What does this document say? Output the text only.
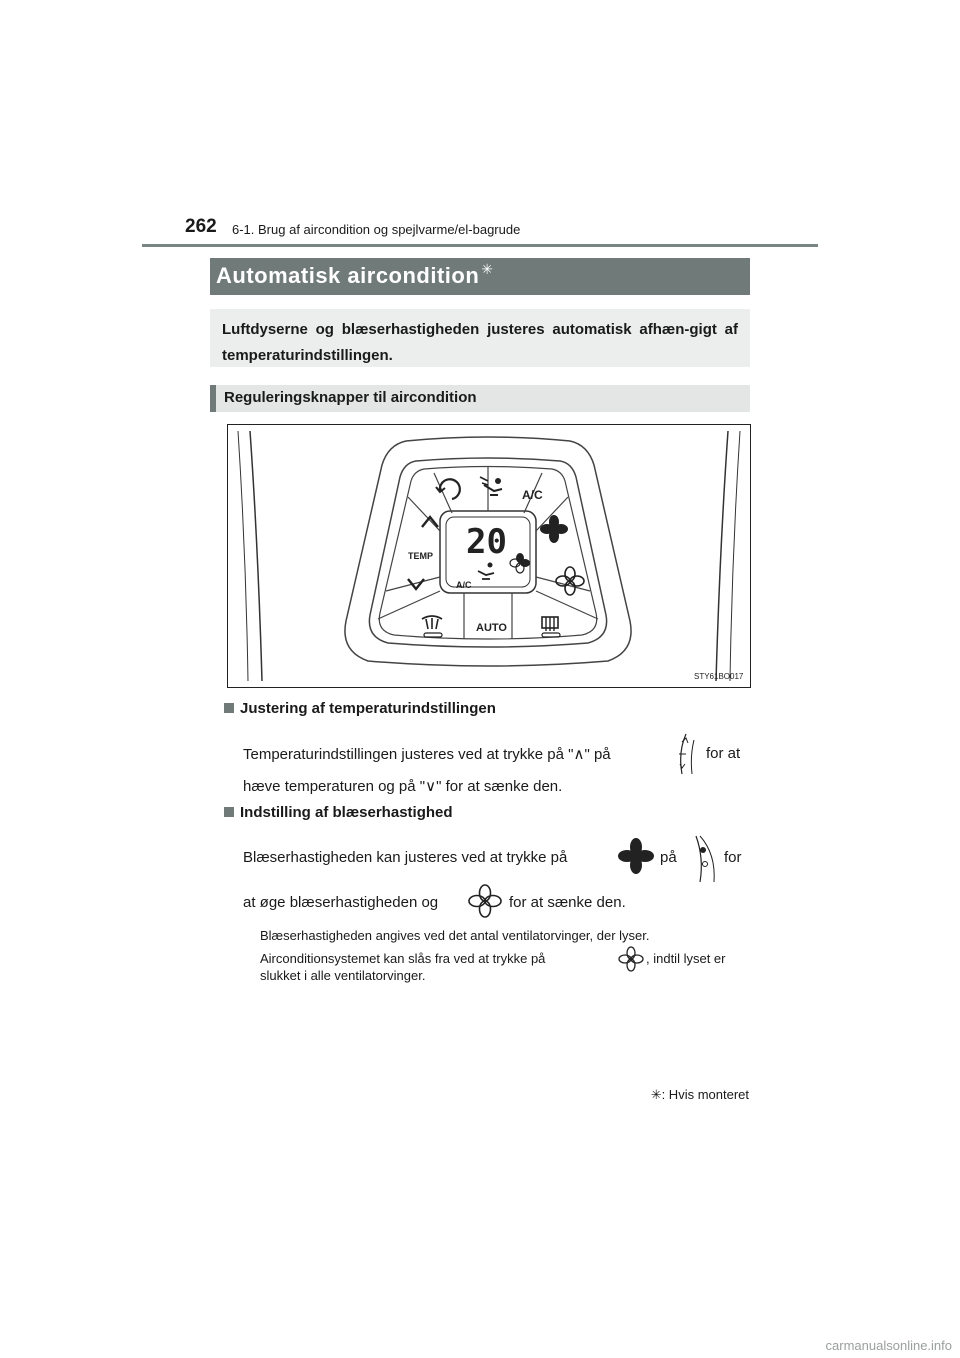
262 6-1. Brug af aircondition og spejlvarme/el-bagrude
Automatisk aircondition ✳
Luftdyserne og blæserhastigheden justeres automatisk afhæn-gigt af temperaturindstillingen.
Reguleringsknapper til aircondition
A/C
TEMP
AUTO
A/C
20
STY61BO017
Justering af temperaturindstillingen
Temperaturindstillingen justeres ved at trykke på "∧" på	for at
hæve temperaturen og på "∨" for at sænke den.
Indstilling af blæserhastighed
Blæserhastigheden kan justeres ved at trykke på	på	for
at øge blæserhastigheden og	for at sænke den.
Blæserhastigheden angives ved det antal ventilatorvinger, der lyser.
Airconditionsystemet kan slås fra ved at trykke på	, indtil lyset er
slukket i alle ventilatorvinger.
✳: Hvis monteret
carmanualsonline.info
